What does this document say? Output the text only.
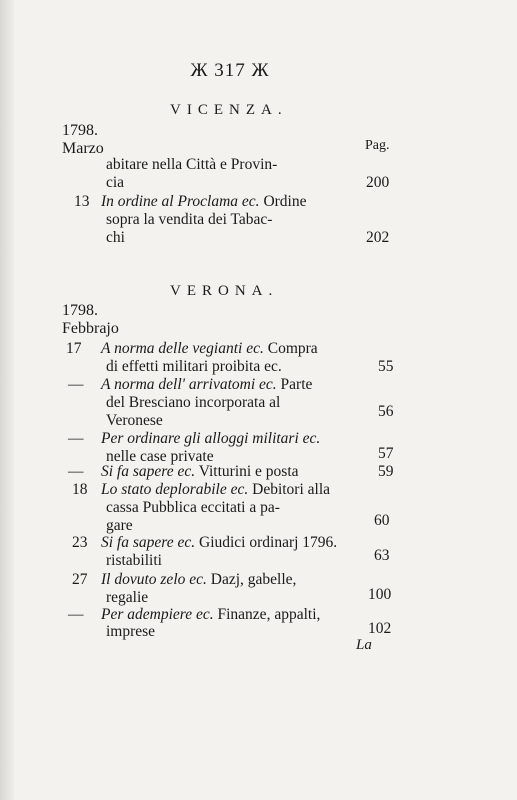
Ж 317 Ж
VICENZA.
1798.
Marzo	Pag.
abitare nella Città e Provin-
cia	200
13 In ordine al Proclama ec. Ordine
sopra la vendita dei Tabac-
chi	202
VERONA.
1798.
Febbrajo
17 A norma delle vegianti ec. Compra
di effetti militari proibita ec.	55
— A norma dell' arrivatomi ec. Parte
del Bresciano incorporata al
Veronese
56
— Per ordinare gli alloggi militari ec.
nelle case private	57
— Si fa sapere ec. Vitturini e posta	59
18 Lo stato deplorabile ec. Debitori alla
cassa Pubblica eccitati a pa-
gare	60
23 Si fa sapere ec. Giudici ordinarj 1796.
ristabiliti	63
27 Il dovuto zelo ec. Dazj, gabelle,
regalie	100
— Per adempiere ec. Finanze, appalti,
imprese	102
La
